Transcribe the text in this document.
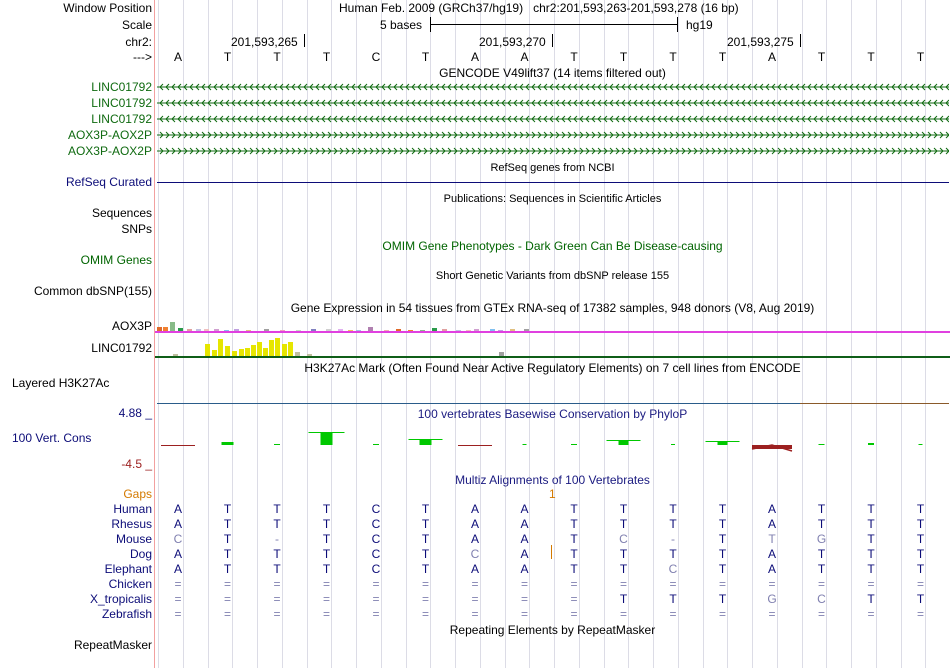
Window Position
Scale
chr2:
--->
Human Feb. 2009 (GRCh37/hg19) chr2:201,593,263-201,593,278 (16 bp)
5 bases	hg19
201,593,265	201,593,270	201,593,275
A	T	T	T	C	T	A	A	T	T	T	T	A	T	T	T
GENCODE V49lift37 (14 items filtered out)
LINC01792
LINC01792
LINC01792
AOX3P-AOX2P
AOX3P-AOX2P
RefSeq genes from NCBI
RefSeq Curated
Publications: Sequences in Scientific Articles
Sequences
SNPs
OMIM Gene Phenotypes - Dark Green Can Be Disease-causing
OMIM Genes
Short Genetic Variants from dbSNP release 155
Common dbSNP(155)
Gene Expression in 54 tissues from GTEx RNA-seq of 17382 samples, 948 donors (V8, Aug 2019)
AOX3P
LINC01792
H3K27Ac Mark (Often Found Near Active Regulatory Elements) on 7 cell lines from ENCODE
Layered H3K27Ac
100 vertebrates Basewise Conservation by PhyloP
4.88 _
100 Vert. Cons
-4.5 _
Multiz Alignments of 100 Vertebrates
Gaps	1
Human	A	T	T	T	C	T	A	A	T	T	T	T	A	T	T	T
Rhesus	A	T	T	T	C	T	A	A	T	T	T	T	A	T	T	T
Mouse	C	T	-	T	C	T	A	A	T	C	-	T	T	G	T	T
Dog	A	T	T	T	C	T	C	A	T	T	T	T	A	T	T	T
Elephant	A	T	T	T	C	T	A	A	T	T	C	T	A	T	T	T
Chicken	=	=	=	=	=	=	=	=	=	=	=	=	=	=	=	=
X_tropicalis	=	=	=	=	=	=	=	=	=	T	T	T	G	C	T	T
Zebrafish	=	=	=	=	=	=	=	=	=	=	=	=	=	=	=	=
Repeating Elements by RepeatMasker
RepeatMasker
